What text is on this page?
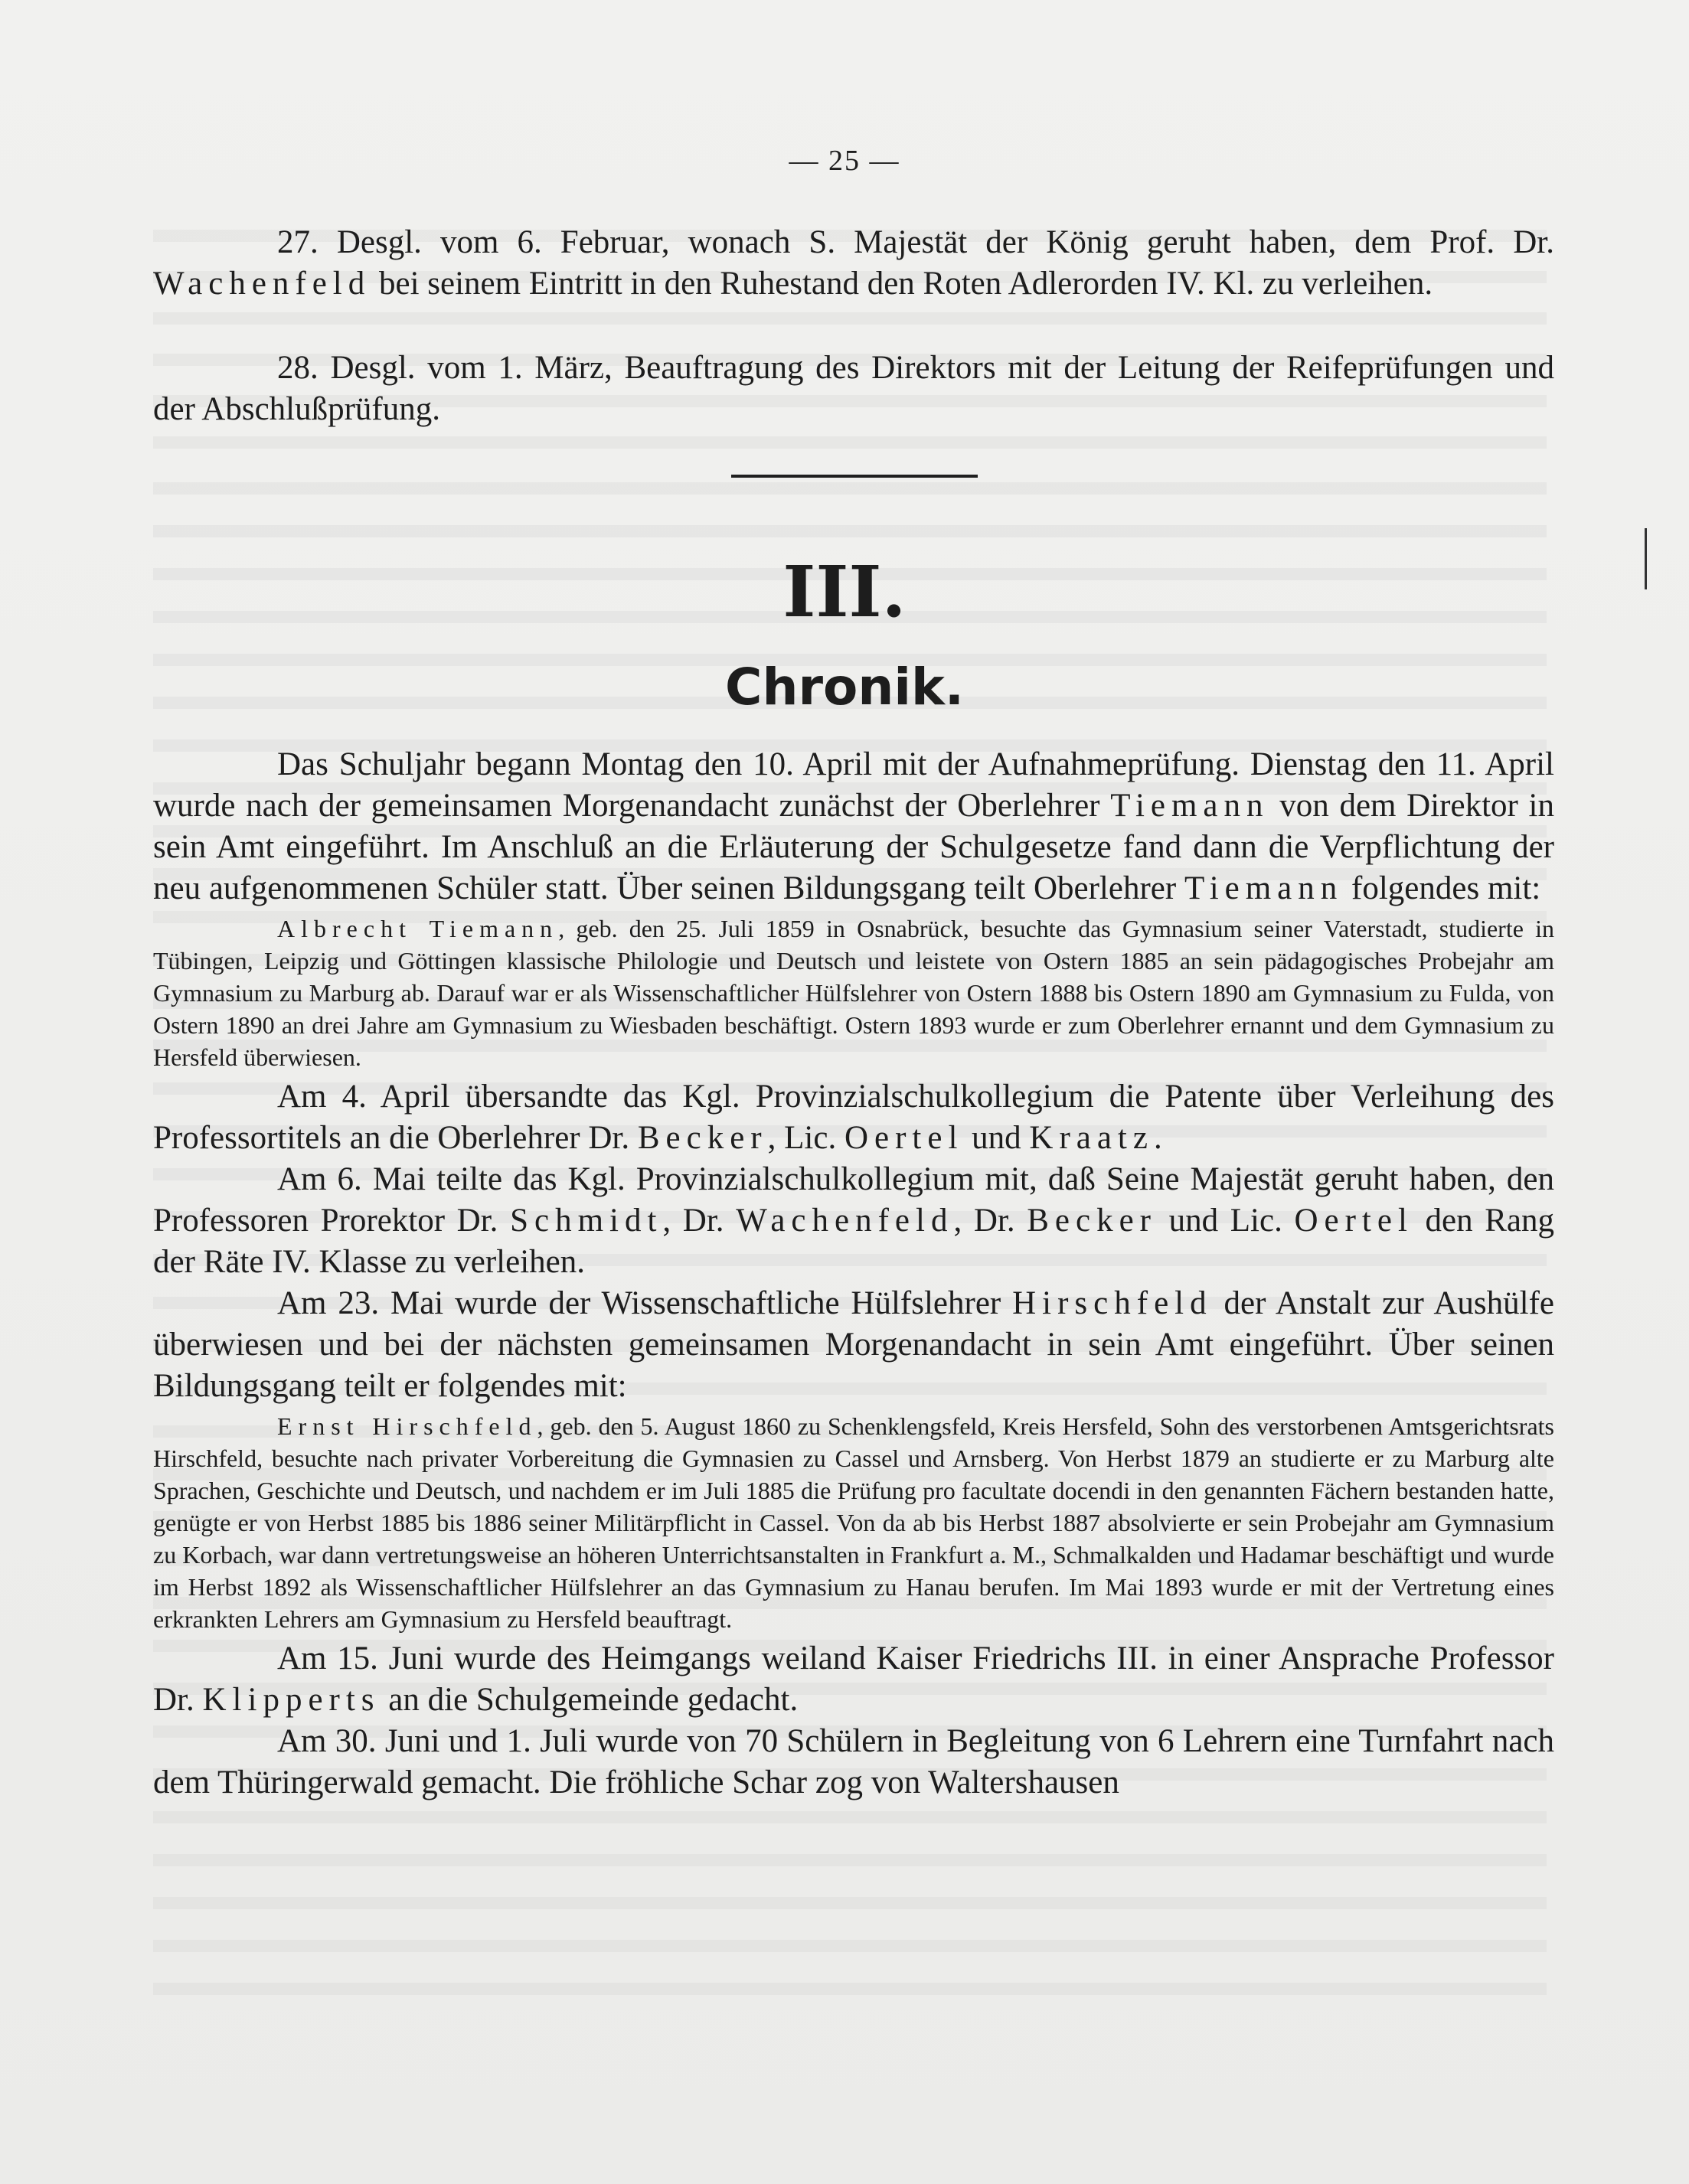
— 25 —

27. Desgl. vom 6. Februar, wonach S. Majestät der König geruht haben, dem Prof. Dr. Wachenfeld bei seinem Eintritt in den Ruhestand den Roten Adlerorden IV. Kl. zu verleihen.

28. Desgl. vom 1. März, Beauftragung des Direktors mit der Leitung der Reifeprüfungen und der Abschlußprüfung.

III.
Chronik.

Das Schuljahr begann Montag den 10. April mit der Aufnahmeprüfung. Dienstag den 11. April wurde nach der gemeinsamen Morgenandacht zunächst der Oberlehrer Tiemann von dem Direktor in sein Amt eingeführt. Im Anschluß an die Erläuterung der Schulgesetze fand dann die Verpflichtung der neu aufgenommenen Schüler statt. Über seinen Bildungsgang teilt Oberlehrer Tiemann folgendes mit:

Albrecht Tiemann, geb. den 25. Juli 1859 in Osnabrück, besuchte das Gymnasium seiner Vaterstadt, studierte in Tübingen, Leipzig und Göttingen klassische Philologie und Deutsch und leistete von Ostern 1885 an sein pädagogisches Probejahr am Gymnasium zu Marburg ab. Darauf war er als Wissenschaftlicher Hülfslehrer von Ostern 1888 bis Ostern 1890 am Gymnasium zu Fulda, von Ostern 1890 an drei Jahre am Gymnasium zu Wiesbaden beschäftigt. Ostern 1893 wurde er zum Oberlehrer ernannt und dem Gymnasium zu Hersfeld überwiesen.

Am 4. April übersandte das Kgl. Provinzialschulkollegium die Patente über Verleihung des Professortitels an die Oberlehrer Dr. Becker, Lic. Oertel und Kraatz.

Am 6. Mai teilte das Kgl. Provinzialschulkollegium mit, daß Seine Majestät geruht haben, den Professoren Prorektor Dr. Schmidt, Dr. Wachenfeld, Dr. Becker und Lic. Oertel den Rang der Räte IV. Klasse zu verleihen.

Am 23. Mai wurde der Wissenschaftliche Hülfslehrer Hirschfeld der Anstalt zur Aushülfe überwiesen und bei der nächsten gemeinsamen Morgenandacht in sein Amt eingeführt. Über seinen Bildungsgang teilt er folgendes mit:

Ernst Hirschfeld, geb. den 5. August 1860 zu Schenklengsfeld, Kreis Hersfeld, Sohn des verstorbenen Amtsgerichtsrats Hirschfeld, besuchte nach privater Vorbereitung die Gymnasien zu Cassel und Arnsberg. Von Herbst 1879 an studierte er zu Marburg alte Sprachen, Geschichte und Deutsch, und nachdem er im Juli 1885 die Prüfung pro facultate docendi in den genannten Fächern bestanden hatte, genügte er von Herbst 1885 bis 1886 seiner Militärpflicht in Cassel. Von da ab bis Herbst 1887 absolvierte er sein Probejahr am Gymnasium zu Korbach, war dann vertretungsweise an höheren Unterrichtsanstalten in Frankfurt a. M., Schmalkalden und Hadamar beschäftigt und wurde im Herbst 1892 als Wissenschaftlicher Hülfslehrer an das Gymnasium zu Hanau berufen. Im Mai 1893 wurde er mit der Vertretung eines erkrankten Lehrers am Gymnasium zu Hersfeld beauftragt.

Am 15. Juni wurde des Heimgangs weiland Kaiser Friedrichs III. in einer Ansprache Professor Dr. Klipperts an die Schulgemeinde gedacht.

Am 30. Juni und 1. Juli wurde von 70 Schülern in Begleitung von 6 Lehrern eine Turnfahrt nach dem Thüringerwald gemacht. Die fröhliche Schar zog von Waltershausen
